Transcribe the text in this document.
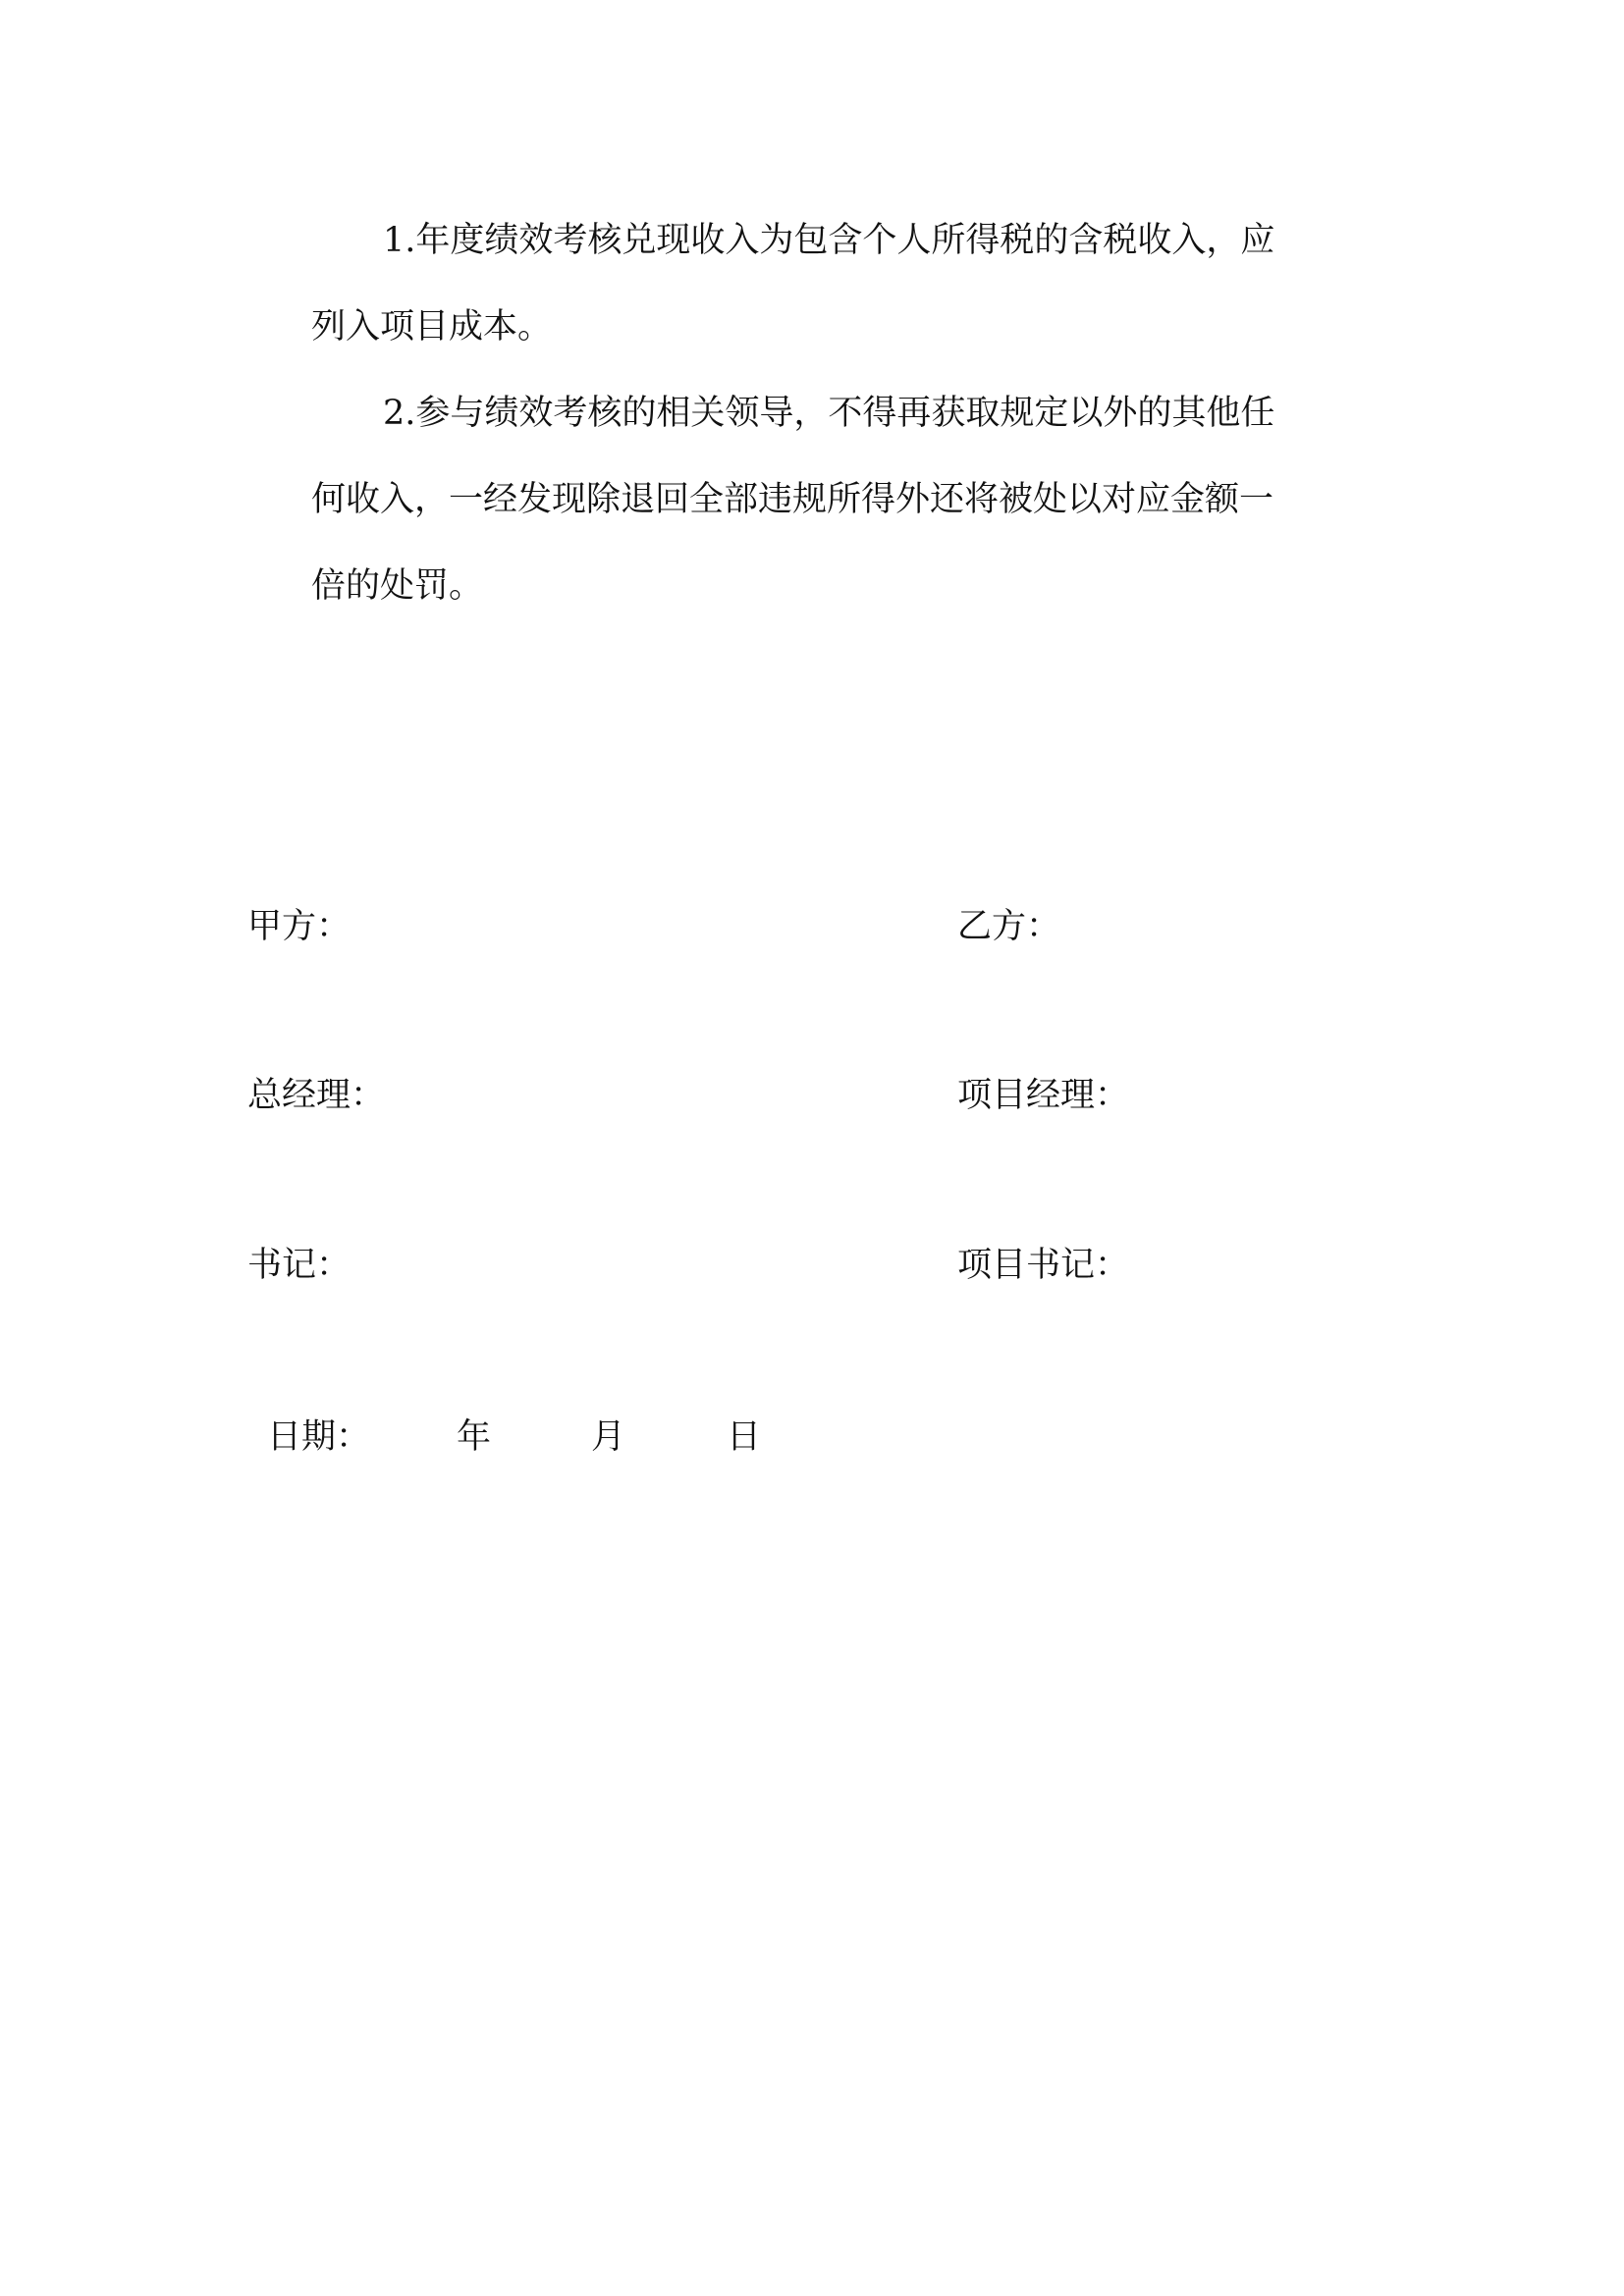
1.年度绩效考核兑现收入为包含个人所得税的含税收入，应
列入项目成本。

2.参与绩效考核的相关领导，不得再获取规定以外的其他任
何收入，一经发现除退回全部违规所得外还将被处以对应金额一
倍的处罚。

甲方：	乙方：
总经理：	项目经理：
书记：	项目书记：
日期：	年	月	日
